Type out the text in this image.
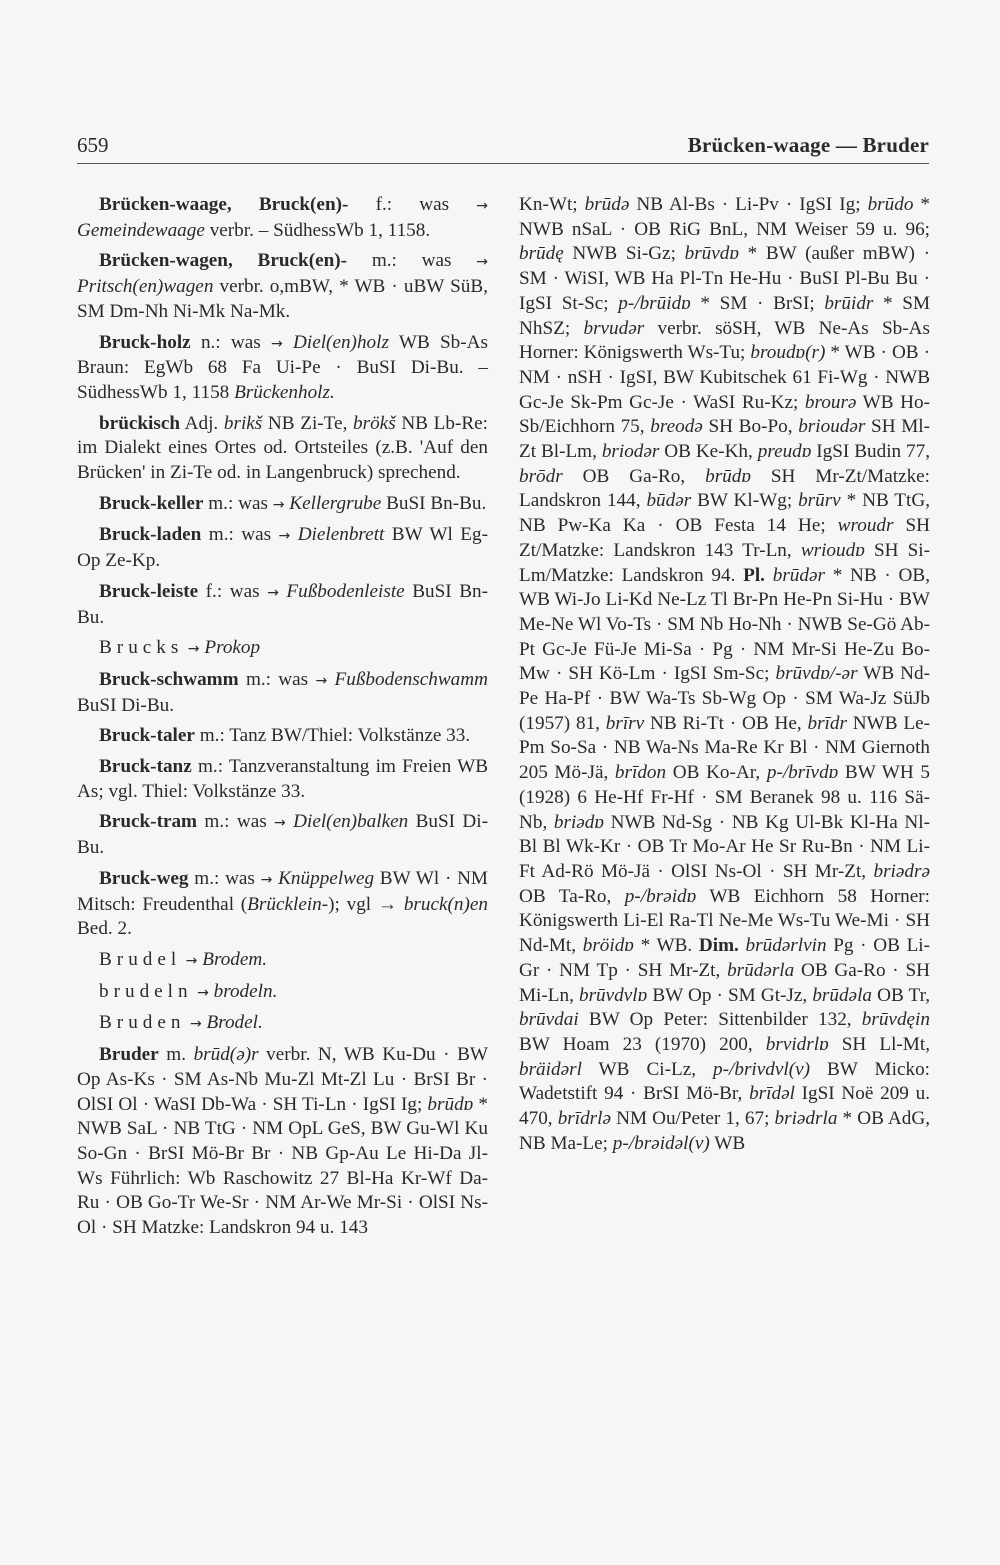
659	Brücken-waage — Bruder

Brücken-waage, Bruck(en)- f.: was → Gemeindewaage verbr. – SüdhessWb 1, 1158.

Brücken-wagen, Bruck(en)- m.: was → Pritsch(en)wagen verbr. o,mBW, * WB · uBW SüB, SM Dm-Nh Ni-Mk Na-Mk.

Bruck-holz n.: was → Diel(en)holz WB Sb-As Braun: EgWb 68 Fa Ui-Pe · BuSI Di-Bu. – SüdhessWb 1, 1158 Brückenholz.

brückisch Adj. brikš NB Zi-Te, brökš NB Lb-Re: im Dialekt eines Ortes od. Ortsteiles (z.B. 'Auf den Brücken' in Zi-Te od. in Langenbruck) sprechend.

Bruck-keller m.: was → Kellergrube BuSI Bn-Bu.

Bruck-laden m.: was → Dielenbrett BW Wl Eg-Op Ze-Kp.

Bruck-leiste f.: was → Fußbodenleiste BuSI Bn-Bu.

Brucks → Prokop

Bruck-schwamm m.: was → Fußbodenschwamm BuSI Di-Bu.

Bruck-taler m.: Tanz BW/Thiel: Volkstänze 33.

Bruck-tanz m.: Tanzveranstaltung im Freien WB As; vgl. Thiel: Volkstänze 33.

Bruck-tram m.: was → Diel(en)balken BuSI Di-Bu.

Bruck-weg m.: was → Knüppelweg BW Wl · NM Mitsch: Freudenthal (Brücklein-); vgl → bruck(n)en Bed. 2.

Brudel → Brodem.

brudeln → brodeln.

Bruden → Brodel.

Bruder m. brūd(ə)r verbr. N, WB Ku-Du · BW Op As-Ks · SM As-Nb Mu-Zl Mt-Zl Lu · BrSI Br · OlSI Ol · WaSI Db-Wa · SH Ti-Ln · IgSI Ig; brūdɒ * NWB SaL · NB TtG · NM OpL GeS, BW Gu-Wl Ku So-Gn · BrSI Mö-Br Br · NB Gp-Au Le Hi-Da Jl-Ws Führlich: Wb Raschowitz 27 Bl-Ha Kr-Wf Da-Ru · OB Go-Tr We-Sr · NM Ar-We Mr-Si · OlSI Ns-Ol · SH Matzke: Landskron 94 u. 143

Kn-Wt; brūdə NB Al-Bs · Li-Pv · IgSI Ig; brūdo * NWB nSaL · OB RiG BnL, NM Weiser 59 u. 96; brūdę NWB Si-Gz; brūvdɒ * BW (außer mBW) · SM · WiSI, WB Ha Pl-Tn He-Hu · BuSI Pl-Bu Bu · IgSI St-Sc; p-/brūidɒ * SM · BrSI; brūidr * SM NhSZ; brvudər verbr. söSH, WB Ne-As Sb-As Horner: Königswerth Ws-Tu; broudɒ(r) * WB · OB · NM · nSH · IgSI, BW Kubitschek 61 Fi-Wg · NWB Gc-Je Sk-Pm Gc-Je · WaSI Ru-Kz; brourə WB Ho-Sb/Eichhorn 75, breodə SH Bo-Po, brioudər SH Ml-Zt Bl-Lm, briodər OB Ke-Kh, preudɒ IgSI Budin 77, brōdr OB Ga-Ro, brūdɒ SH Mr-Zt/Matzke: Landskron 144, būdər BW Kl-Wg; brūrv * NB TtG, NB Pw-Ka Ka · OB Festa 14 He; wroudr SH Zt/Matzke: Landskron 143 Tr-Ln, wrioudɒ SH Si-Lm/Matzke: Landskron 94. Pl. brūdər * NB · OB, WB Wi-Jo Li-Kd Ne-Lz Tl Br-Pn He-Pn Si-Hu · BW Me-Ne Wl Vo-Ts · SM Nb Ho-Nh · NWB Se-Gö Ab-Pt Gc-Je Fü-Je Mi-Sa · Pg · NM Mr-Si He-Zu Bo-Mw · SH Kö-Lm · IgSI Sm-Sc; brūvdɒ/-ər WB Nd-Pe Ha-Pf · BW Wa-Ts Sb-Wg Op · SM Wa-Jz SüJb (1957) 81, brīrv NB Ri-Tt · OB He, brīdr NWB Le-Pm So-Sa · NB Wa-Ns Ma-Re Kr Bl · NM Giernoth 205 Mö-Jä, brīdon OB Ko-Ar, p-/brīvdɒ BW WH 5 (1928) 6 He-Hf Fr-Hf · SM Beranek 98 u. 116 Sä-Nb, briədɒ NWB Nd-Sg · NB Kg Ul-Bk Kl-Ha Nl-Bl Bl Wk-Kr · OB Tr Mo-Ar He Sr Ru-Bn · NM Li-Ft Ad-Rö Mö-Jä · OlSI Ns-Ol · SH Mr-Zt, briədrə OB Ta-Ro, p-/brəidɒ WB Eichhorn 58 Horner: Königswerth Li-El Ra-Tl Ne-Me Ws-Tu We-Mi · SH Nd-Mt, bröidɒ * WB. Dim. brūdərlvin Pg · OB Li-Gr · NM Tp · SH Mr-Zt, brūdərla OB Ga-Ro · SH Mi-Ln, brūvdvlɒ BW Op · SM Gt-Jz, brūdəla OB Tr, brūvdai BW Op Peter: Sittenbilder 132, brūvdęin BW Hoam 23 (1970) 200, brvidrlɒ SH Ll-Mt, bräidərl WB Ci-Lz, p-/brivdvl(v) BW Micko: Wadetstift 94 · BrSI Mö-Br, brīdəl IgSI Noë 209 u. 470, brīdrlə NM Ou/Peter 1, 67; briədrla * OB AdG, NB Ma-Le; p-/brəidəl(v) WB
